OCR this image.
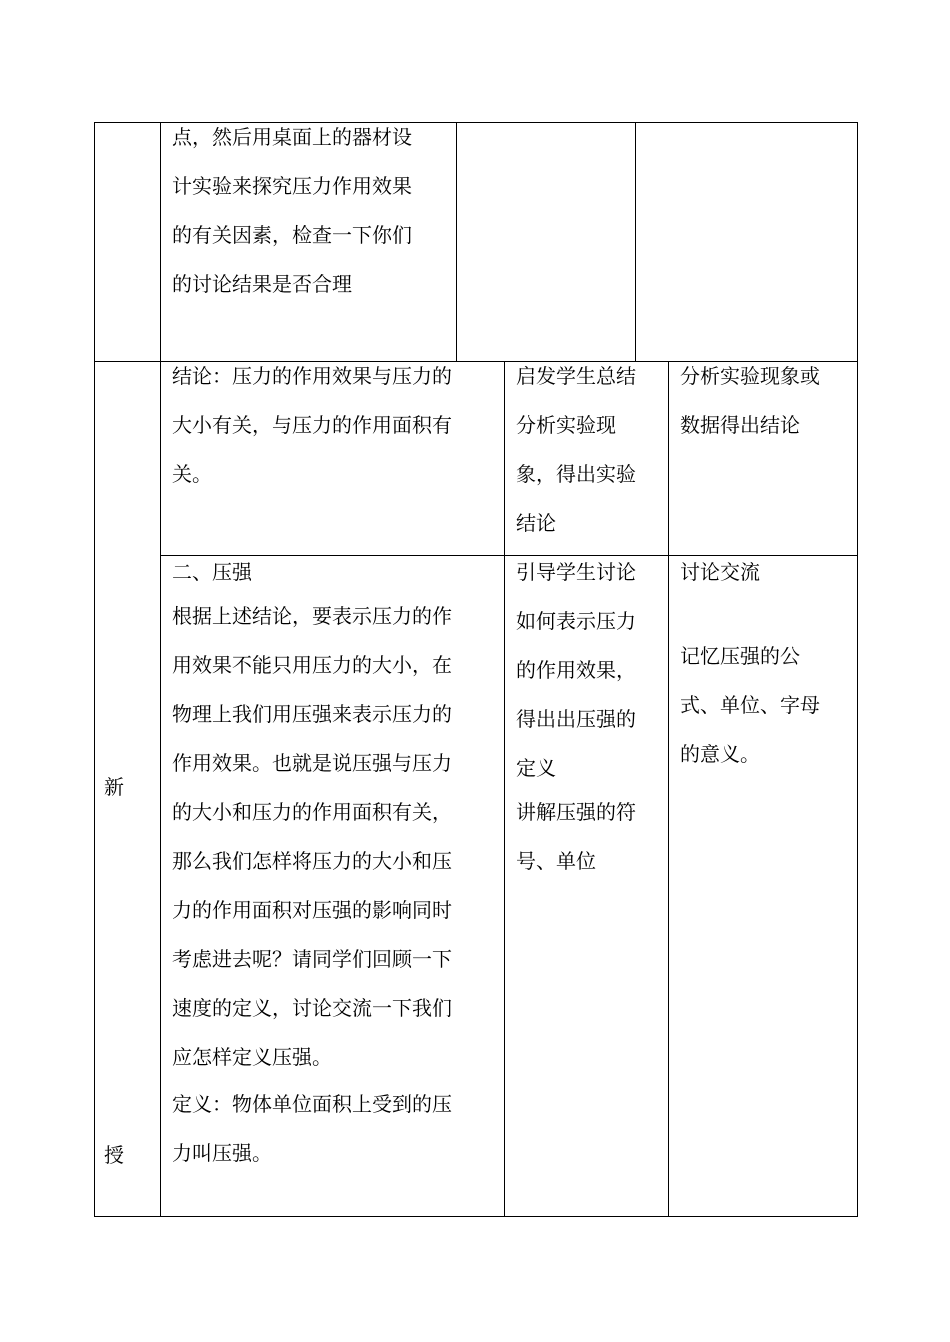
新
授
点，然后用桌面上的器材设
计实验来探究压力作用效果
的有关因素，检查一下你们
的讨论结果是否合理
结论：压力的作用效果与压力的
大小有关，与压力的作用面积有
关。
启发学生总结
分析实验现
象，得出实验
结论
分析实验现象或
数据得出结论
二、压强
根据上述结论，要表示压力的作
用效果不能只用压力的大小，在
物理上我们用压强来表示压力的
作用效果。也就是说压强与压力
的大小和压力的作用面积有关，
那么我们怎样将压力的大小和压
力的作用面积对压强的影响同时
考虑进去呢？请同学们回顾一下
速度的定义，讨论交流一下我们
应怎样定义压强。
定义：物体单位面积上受到的压
力叫压强。
引导学生讨论
如何表示压力
的作用效果，
得出出压强的
定义
讲解压强的符
号、单位
讨论交流
记忆压强的公
式、单位、字母
的意义。
